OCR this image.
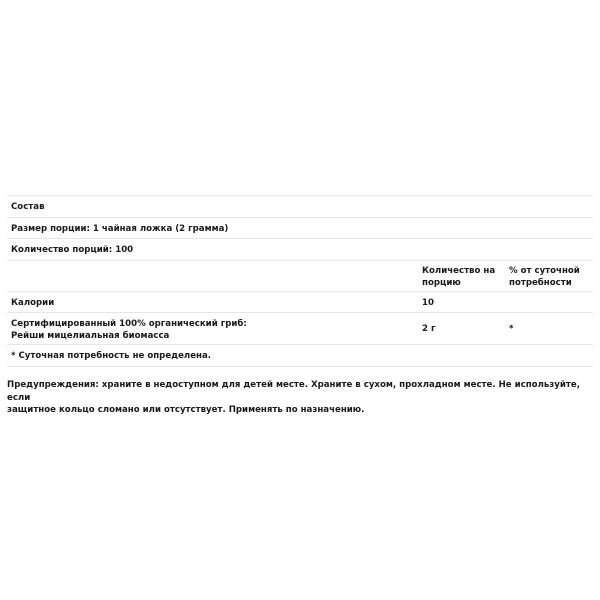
Состав
Размер порции: 1 чайная ложка (2 грамма)
Количество порций: 100
Количество на
порцию
% от суточной
потребности
Калории	10
Сертифицированный 100% органический гриб:
Рейши мицелиальная биомасса
2 г	*
* Суточная потребность не определена.
Предупреждения: храните в недоступном для детей месте. Храните в сухом, прохладном месте. Не используйте, если
защитное кольцо сломано или отсутствует. Применять по назначению.
